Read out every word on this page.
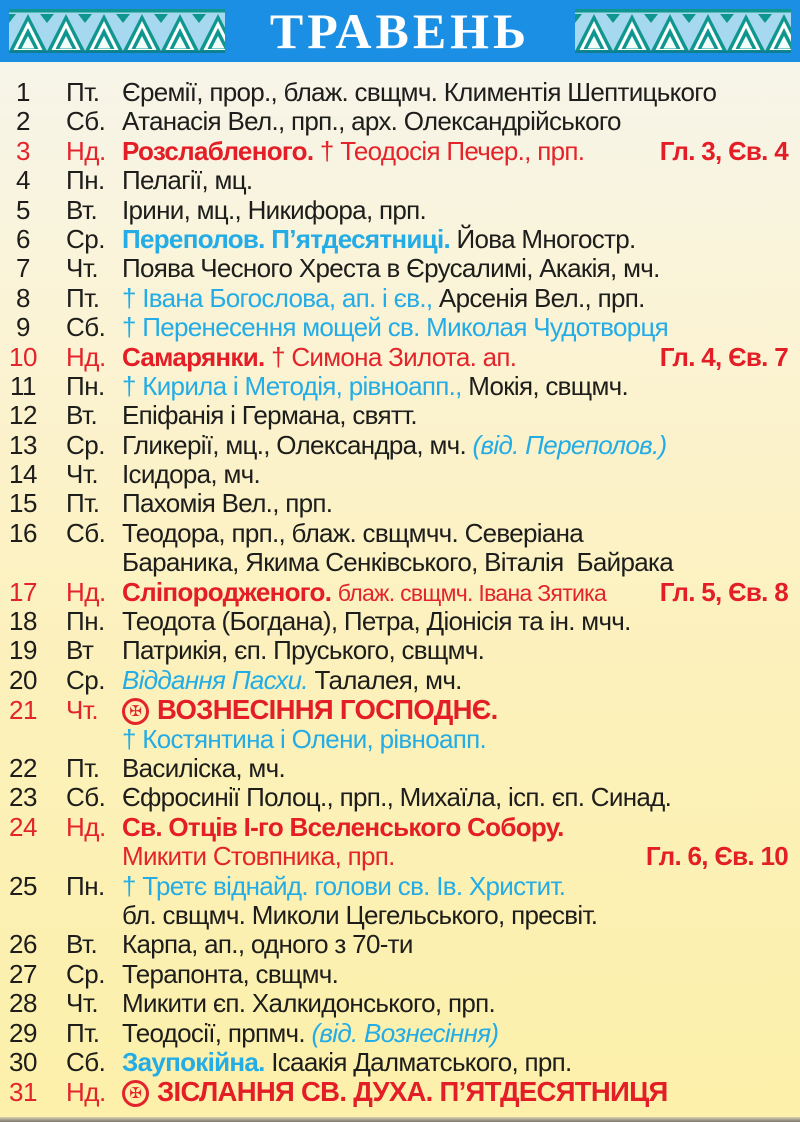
ТРАВЕНЬ
1	Пт. Єремії, прор., блаж. свщмч. Климентія Шептицького
2	Сб. Атанасія Вел., прп., арх. Олександрійського
3	Нд. Розслабленого. † Теодосія Печер., прп.	Гл. 3, Єв. 4
4	Пн. Пелагії, мц.
5	Вт. Ірини, мц., Никифора, прп.
6	Ср. Переполов. П’ятдесятниці. Йова Многостр.
7	Чт. Поява Чесного Хреста в Єрусалимі, Акакія, мч.
8	Пт. † Івана Богослова, ап. і єв., Арсенія Вел., прп.
9	Сб. † Перенесення мощей св. Миколая Чудотворця
10	Нд. Самарянки. † Симона Зилота. ап.	Гл. 4, Єв. 7
11	Пн. † Кирила і Методія, рівноапп., Мокія, свщмч.
12	Вт. Епіфанія і Германа, святт.
13	Ср. Гликерії, мц., Олександра, мч. (від. Переполов.)
14	Чт. Ісидора, мч.
15	Пт. Пахомія Вел., прп.
16	Сб. Теодора, прп., блаж. свщмчч. Северіана
Бараника, Якима Сенківського, Віталія  Байрака
17	Нд. Сліпородженого. блаж. свщмч. Івана Зятика Гл. 5, Єв. 8
18	Пн. Теодота (Богдана), Петра, Діонісія та ін. мчч.
19	Вт	Патрикія, єп. Пруського, свщмч.
20	Ср. Віддання Пасхи. Талалея, мч.
21	Чт.	✠ ВОЗНЕСІННЯ ГОСПОДНЄ.
† Костянтина і Олени, рівноапп.
22	Пт. Василіска, мч.
23	Сб. Єфросинії Полоц., прп., Михаїла, ісп. єп. Синад.
24	Нд. Св. Отців І-го Вселенського Собору.
Микити Стовпника, прп.	Гл. 6, Єв. 10
25	Пн. † Третє віднайд. голови св. Ів. Христит.
бл. свщмч. Миколи Цегельського, пресвіт.
26	Вт. Карпа, ап., одного з 70-ти
27	Ср. Терапонта, свщмч.
28	Чт. Микити єп. Халкидонського, прп.
29	Пт. Теодосії, прпмч. (від. Вознесіння)
30	Сб. Заупокійна. Ісаакія Далматського, прп.
31	Нд.	✠ ЗІСЛАННЯ СВ. ДУХА. П’ЯТДЕСЯТНИЦЯ
